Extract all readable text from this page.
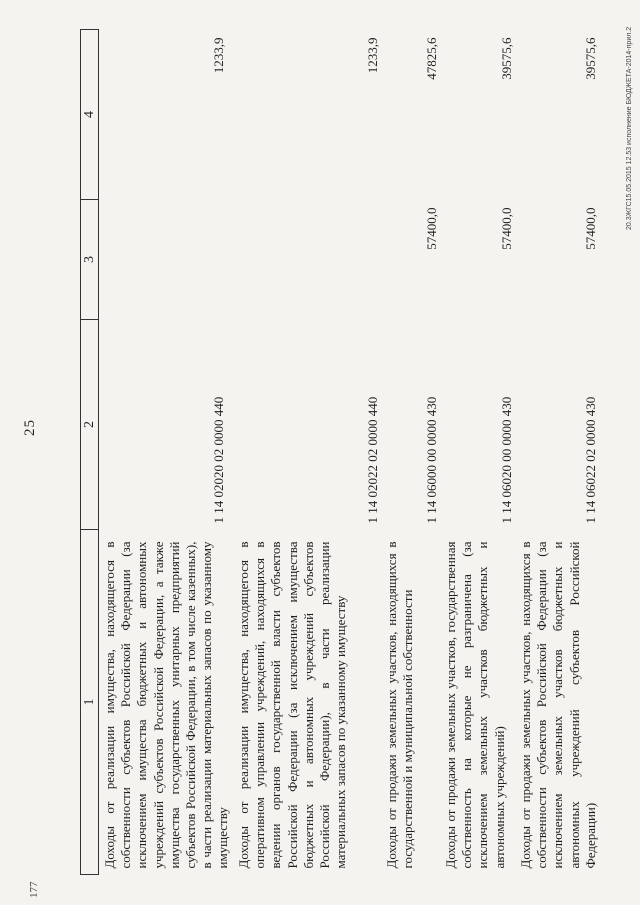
25
20.3ЖГС15.05.2015 12.53 исполнение БЮДЖЕТА-2014-прил.2
177
1	2	3	4
Доходы от реализации имущества, находящегося в собственности субъектов Российской Федерации (за исключением имущества бюджетных и автономных учреждений субъектов Российской Федерации, а также имущества государственных унитарных предприятий субъектов Российской Федерации, в том числе казенных), в части реализации материальных запасов по указанному имуществу	1 14 02020 02 0000 440		1233,9
Доходы от реализации имущества, находящегося в оперативном управлении учреждений, находящихся в ведении органов государственной власти субъектов Российской Федерации (за исключением имущества бюджетных и автономных учреждений субъектов Российской Федерации), в части реализации материальных запасов по указанному имуществу	1 14 02022 02 0000 440		1233,9
Доходы от продажи земельных участков, находящихся в государственной и муниципальной собственности	1 14 06000 00 0000 430	57400,0	47825,6
Доходы от продажи земельных участков, государственная собственность на которые не разграничена (за исключением земельных участков бюджетных и автономных учреждений)	1 14 06020 00 0000 430	57400,0	39575,6
Доходы от продажи земельных участков, находящихся в собственности субъектов Российской Федерации (за исключением земельных участков бюджетных и автономных учреждений субъектов Российской Федерации)	1 14 06022 02 0000 430	57400,0	39575,6
